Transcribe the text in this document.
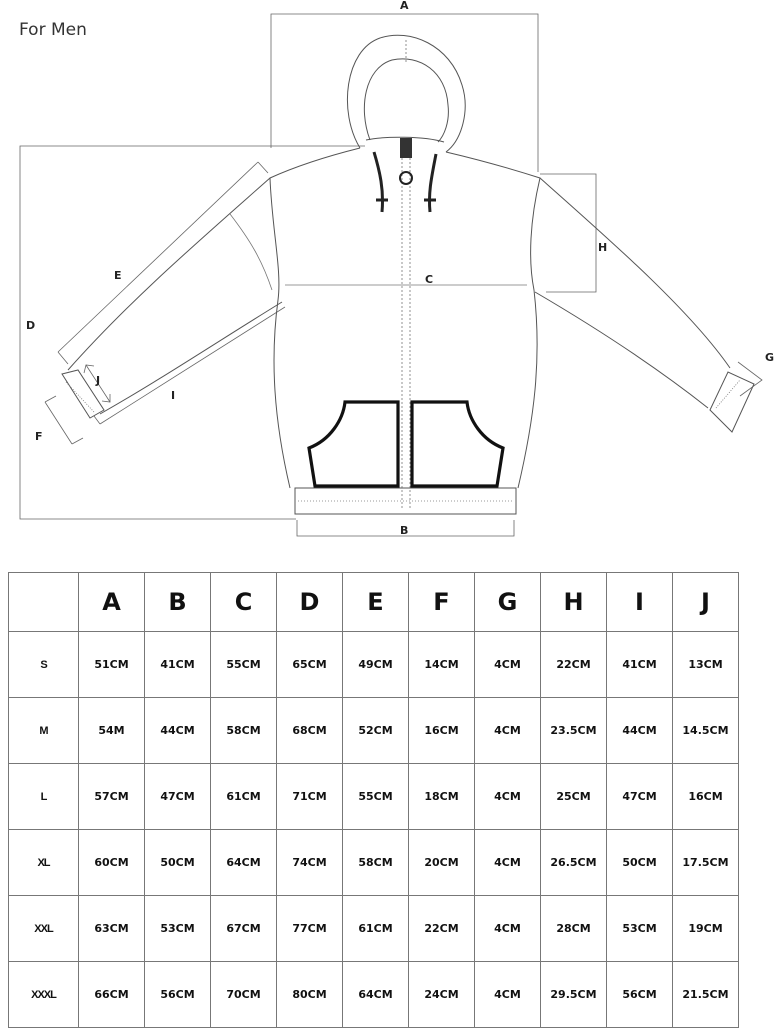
For Men
A
B
C
D
E
F
G
H
I
J
	A	B	C	D	E	F	G	H	I	J
S	51CM	41CM	55CM	65CM	49CM	14CM	4CM	22CM	41CM	13CM
M	54M	44CM	58CM	68CM	52CM	16CM	4CM	23.5CM	44CM	14.5CM
L	57CM	47CM	61CM	71CM	55CM	18CM	4CM	25CM	47CM	16CM
XL	60CM	50CM	64CM	74CM	58CM	20CM	4CM	26.5CM	50CM	17.5CM
XXL	63CM	53CM	67CM	77CM	61CM	22CM	4CM	28CM	53CM	19CM
XXXL	66CM	56CM	70CM	80CM	64CM	24CM	4CM	29.5CM	56CM	21.5CM
